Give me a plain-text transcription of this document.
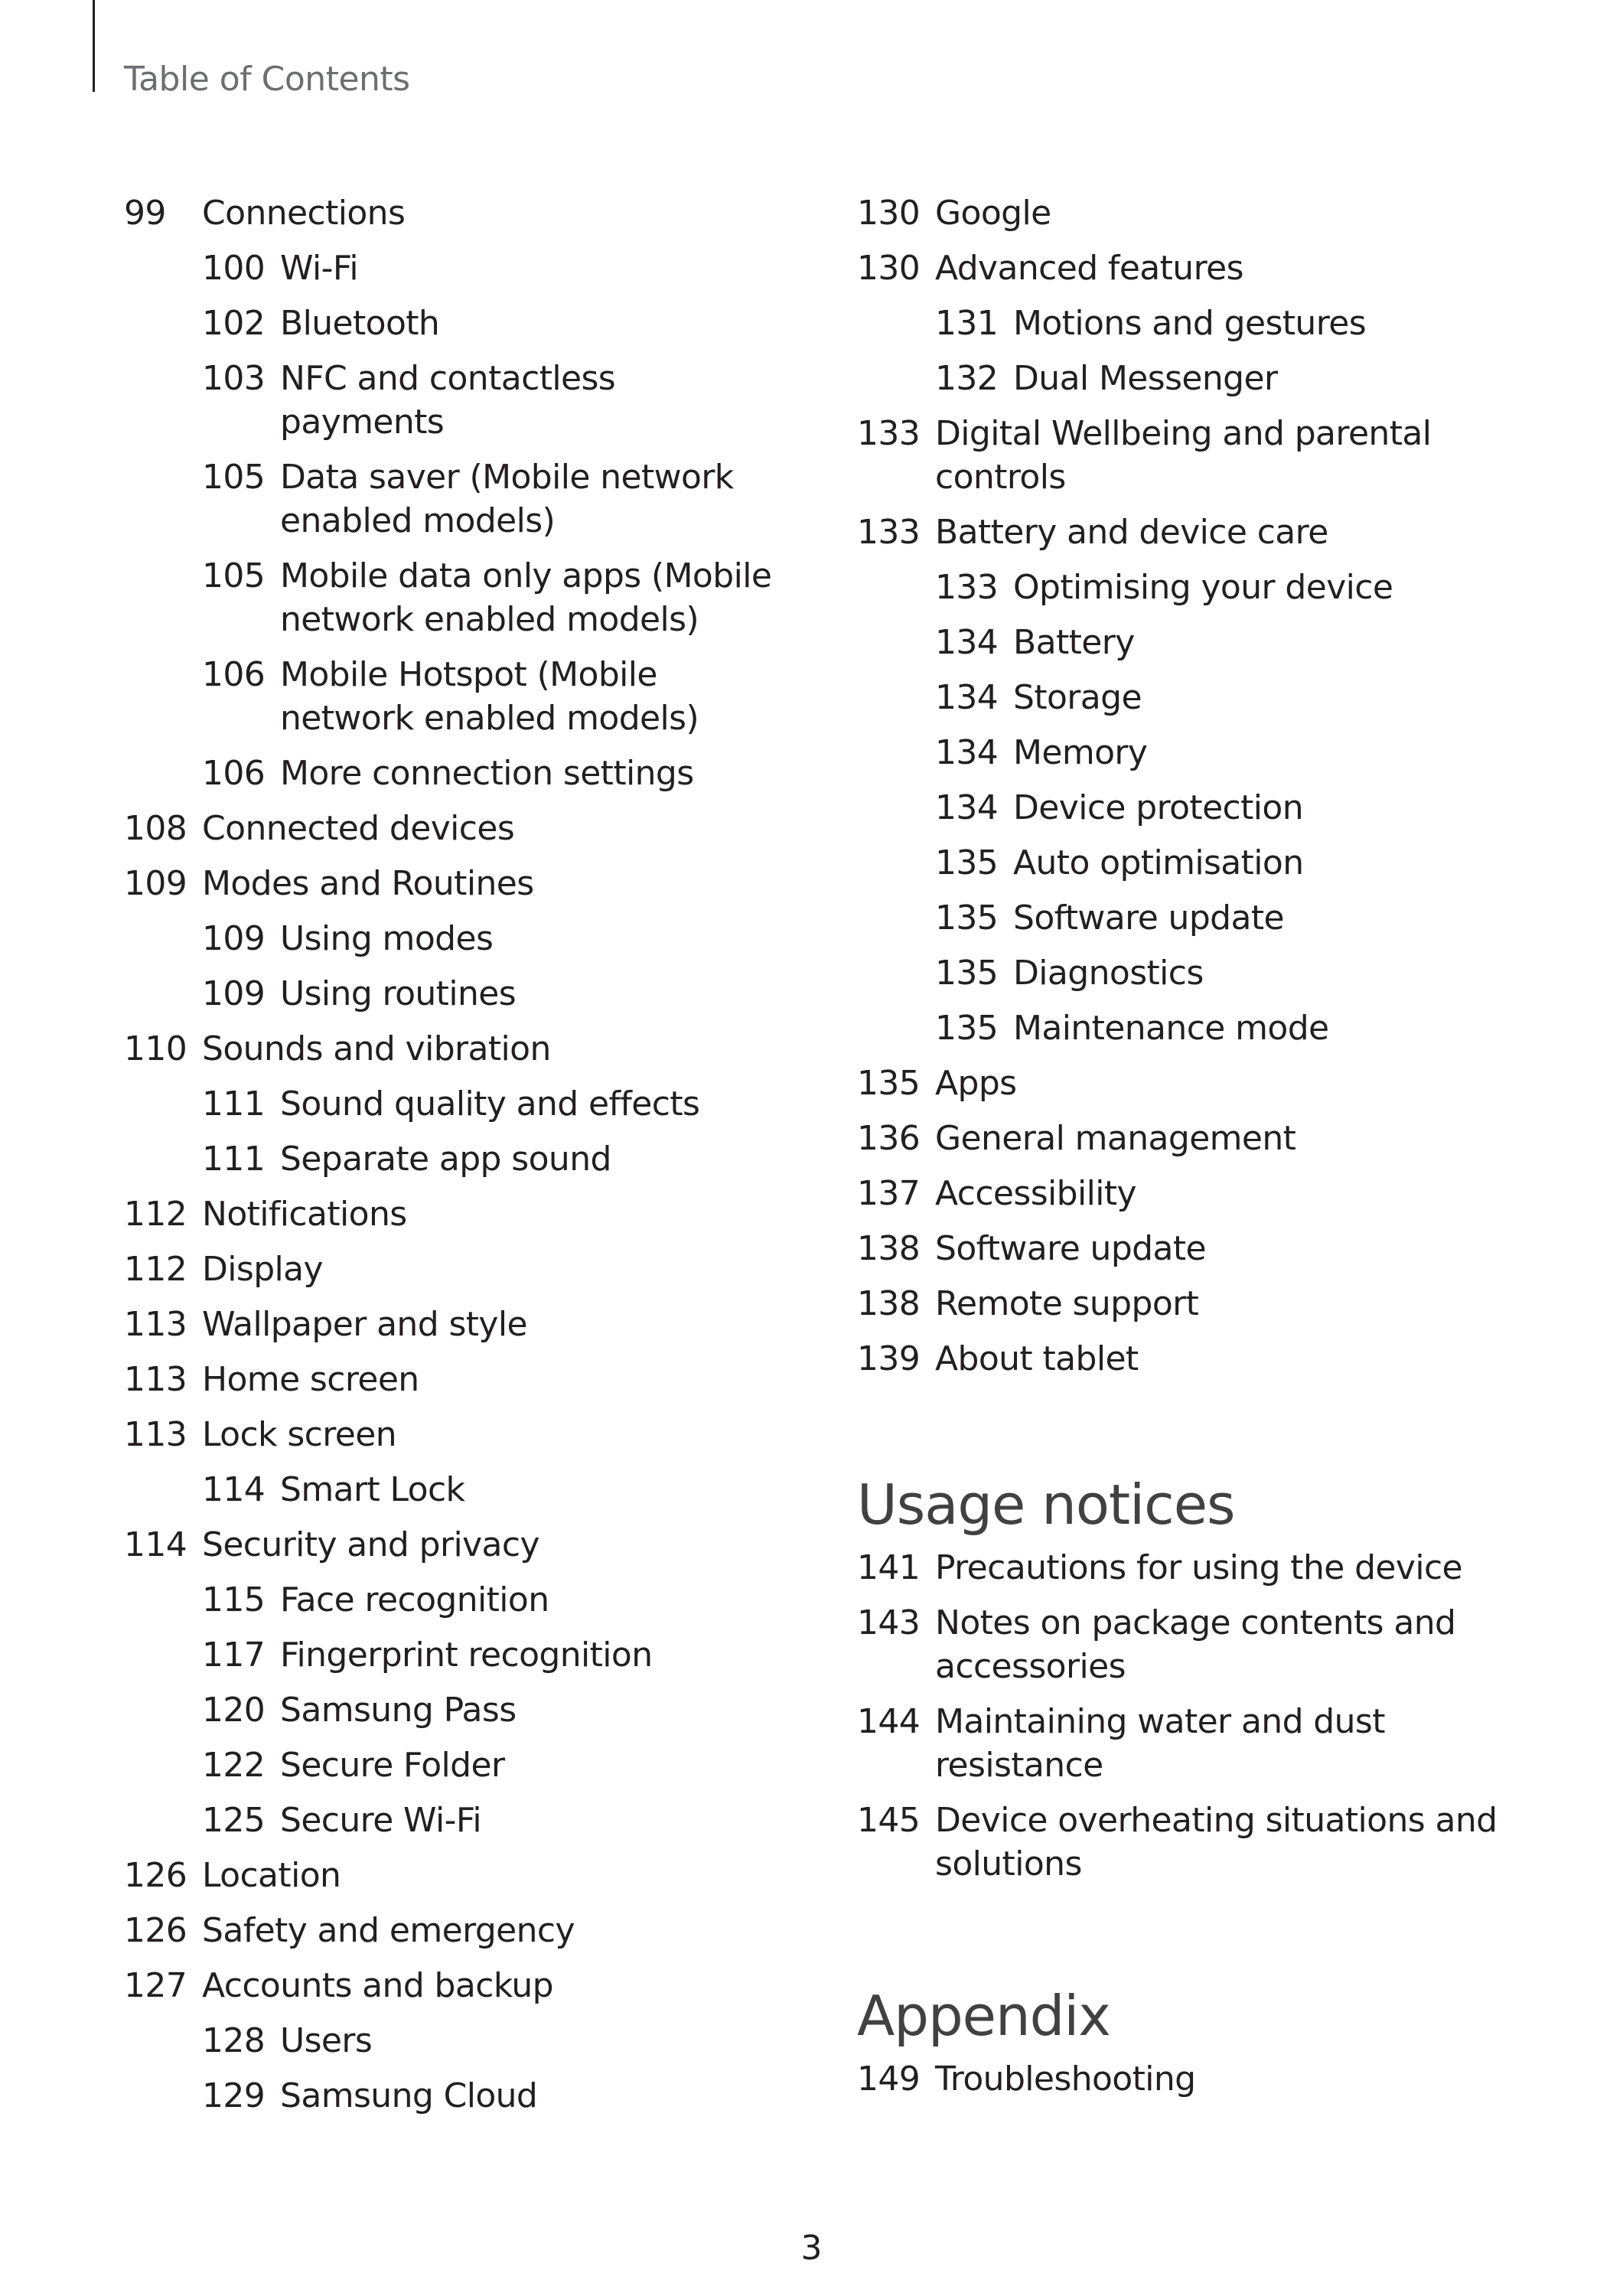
Table of Contents
99	Connections
100 Wi-Fi
102 Bluetooth
103 NFC and contactless payments
105 Data saver (Mobile network enabled models)
105 Mobile data only apps (Mobile network enabled models)
106 Mobile Hotspot (Mobile network enabled models)
106 More connection settings
108 Connected devices
109 Modes and Routines
109 Using modes
109 Using routines
110 Sounds and vibration
111 Sound quality and effects
111 Separate app sound
112 Notifications
112 Display
113 Wallpaper and style
113 Home screen
113 Lock screen
114 Smart Lock
114 Security and privacy
115 Face recognition
117 Fingerprint recognition
120 Samsung Pass
122 Secure Folder
125 Secure Wi-Fi
126 Location
126 Safety and emergency
127 Accounts and backup
128 Users
129 Samsung Cloud
130 Google
130 Advanced features
131 Motions and gestures
132 Dual Messenger
133 Digital Wellbeing and parental controls
133 Battery and device care
133 Optimising your device
134 Battery
134 Storage
134 Memory
134 Device protection
135 Auto optimisation
135 Software update
135 Diagnostics
135 Maintenance mode
135 Apps
136 General management
137 Accessibility
138 Software update
138 Remote support
139 About tablet
Usage notices
141 Precautions for using the device
143 Notes on package contents and accessories
144 Maintaining water and dust resistance
145 Device overheating situations and solutions
Appendix
149 Troubleshooting
3
